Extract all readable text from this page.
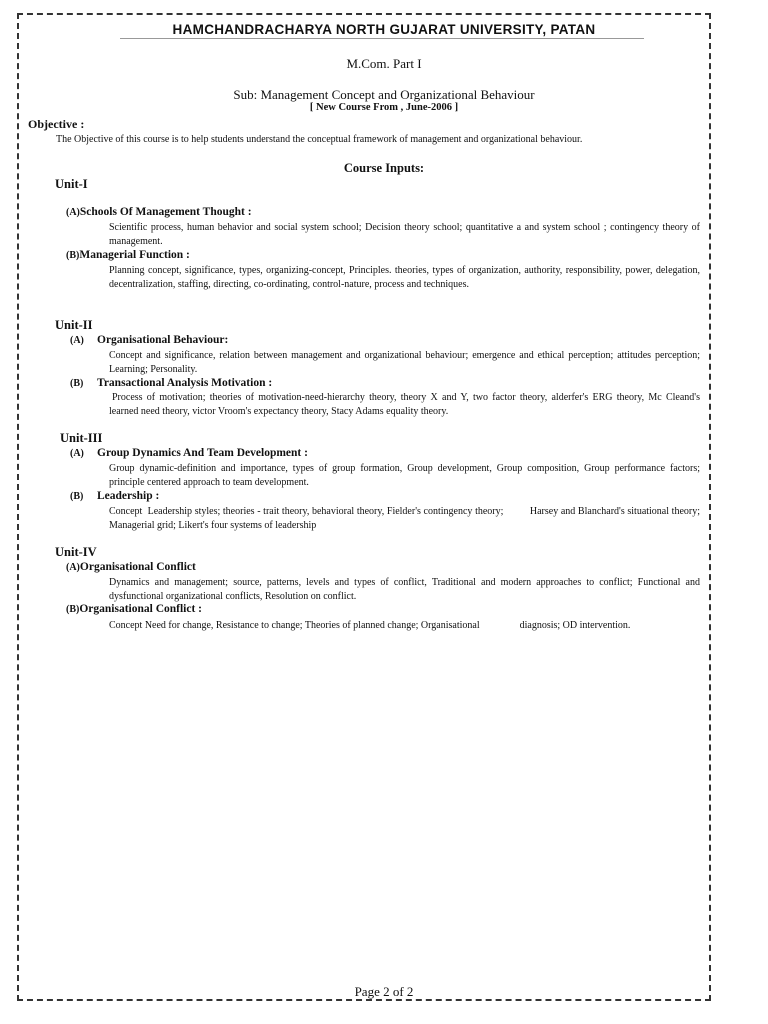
HAMCHANDRACHARYA NORTH GUJARAT UNIVERSITY, PATAN
M.Com. Part I
Sub: Management Concept and Organizational Behaviour
[ New Course From , June-2006 ]
Objective :
The Objective of this course is to help students understand the conceptual framework of management and organizational behaviour.
Course Inputs:
Unit-I
(A)Schools Of Management Thought :
Scientific process, human behavior and social system school; Decision theory school; quantitative a and system school ; contingency theory of management.
(B)Managerial Function :
Planning concept, significance, types, organizing-concept, Principles. theories, types of organization, authority, responsibility, power, delegation, decentralization, staffing, directing, co-ordinating, control-nature, process and techniques.
Unit-II
(A) Organisational Behaviour:
Concept and significance, relation between management and organizational behaviour; emergence and ethical perception; attitudes perception; Learning; Personality.
(B) Transactional Analysis Motivation :
Process of motivation; theories of motivation-need-hierarchy theory, theory X and Y, two factor theory, alderfer's ERG theory, Mc Cleand's learned need theory, victor Vroom's expectancy theory, Stacy Adams equality theory.
Unit-III
(A) Group Dynamics And Team Development :
Group dynamic-definition and importance, types of group formation, Group development, Group composition, Group performance factors; principle centered approach to team development.
(B) Leadership :
Concept  Leadership styles; theories - trait theory, behavioral theory, Fielder's contingency theory;          Harsey and Blanchard's situational theory; Managerial grid; Likert's four systems of leadership
Unit-IV
(A)Organisational Conflict
Dynamics and management; source, patterns, levels and types of conflict, Traditional and modern approaches to conflict; Functional and dysfunctional organizational conflicts, Resolution on conflict.
(B)Organisational Conflict :
Concept Need for change, Resistance to change; Theories of planned change; Organisational                diagnosis; OD intervention.
Page 2 of 2
